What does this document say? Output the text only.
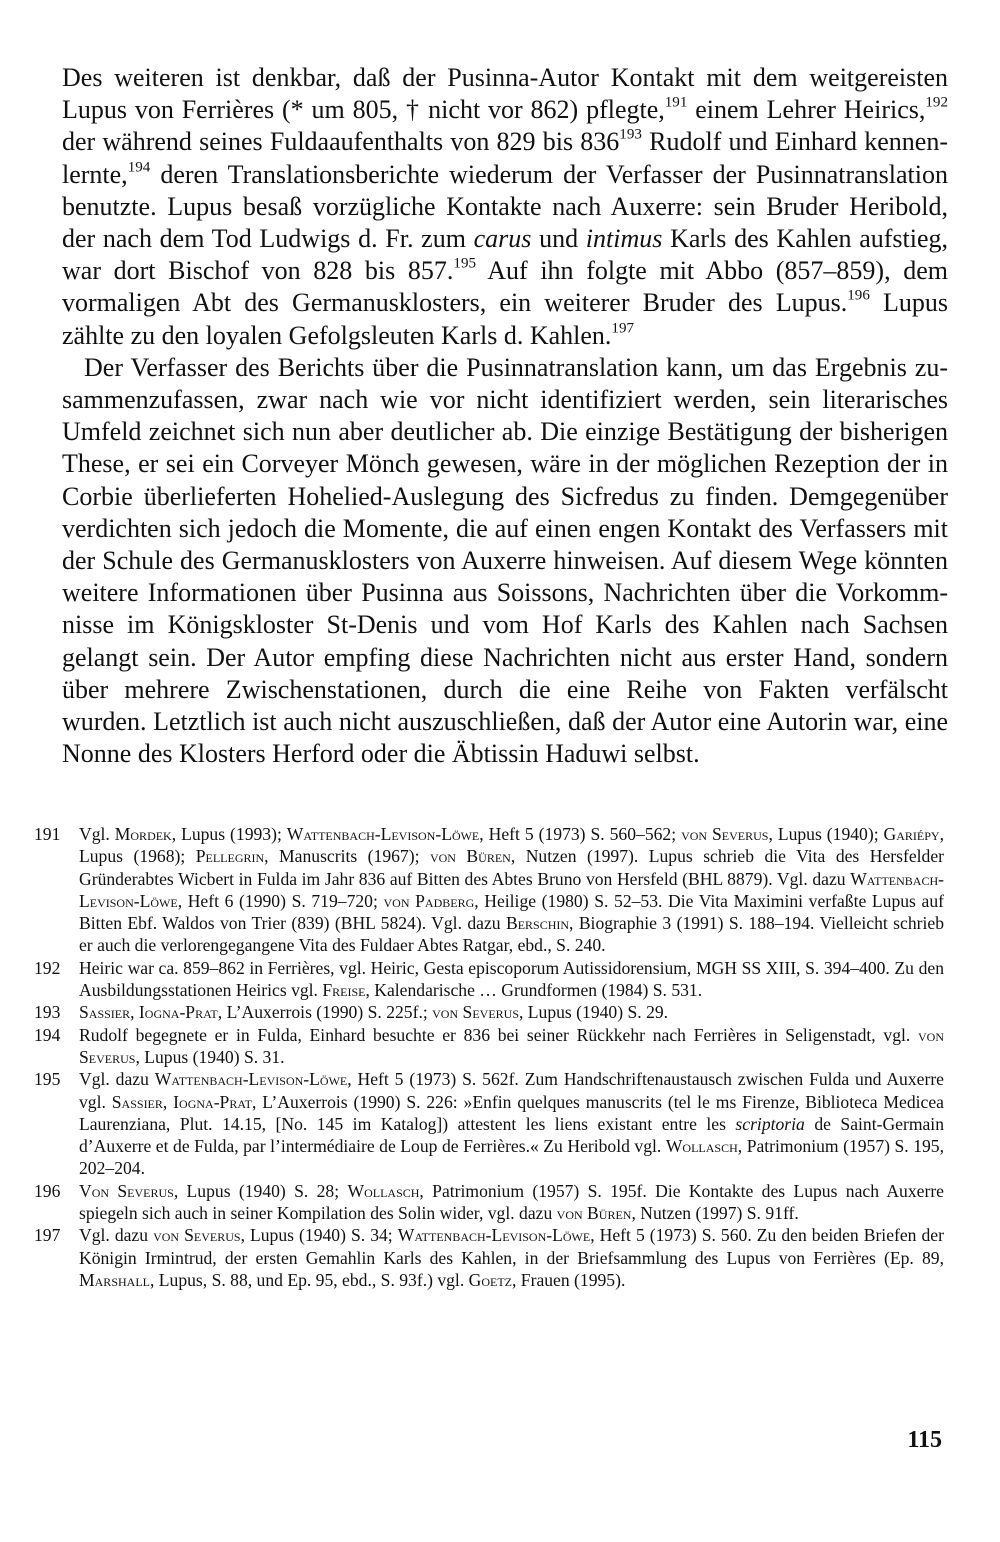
Des weiteren ist denkbar, daß der Pusinna-Autor Kontakt mit dem weitgereisten Lupus von Ferrières (* um 805, † nicht vor 862) pflegte,$^{191}$ einem Lehrer Heirics,$^{192}$ der während seines Fuldaaufenthalts von 829 bis $836^{193}$ Rudolf und Einhard kennenlernte,$^{194}$ deren Translationsberichte wiederum der Verfasser der Pusinnatranslation benutzte. Lupus besaß vorzügliche Kontakte nach Auxerre: sein Bruder Heribold, der nach dem Tod Ludwigs d. Fr. zum carus und intimus Karls des Kahlen aufstieg, war dort Bischof von 828 bis 857.$^{195}$ Auf ihn folgte mit Abbo (857–859), dem vormaligen Abt des Germanusklosters, ein weiterer Bruder des Lupus.$^{196}$ Lupus zählte zu den loyalen Gefolgsleuten Karls d. Kahlen.$^{197}$

Der Verfasser des Berichts über die Pusinnatranslation kann, um das Ergebnis zusammenzufassen, zwar nach wie vor nicht identifiziert werden, sein literarisches Umfeld zeichnet sich nun aber deutlicher ab. Die einzige Bestätigung der bisherigen These, er sei ein Corveyer Mönch gewesen, wäre in der möglichen Rezeption der in Corbie überlieferten Hohelied-Auslegung des Sicfredus zu finden. Demgegenüber verdichten sich jedoch die Momente, die auf einen engen Kontakt des Verfassers mit der Schule des Germanusklosters von Auxerre hinweisen. Auf diesem Wege könnten weitere Informationen über Pusinna aus Soissons, Nachrichten über die Vorkommnisse im Königskloster St-Denis und vom Hof Karls des Kahlen nach Sachsen gelangt sein. Der Autor empfing diese Nachrichten nicht aus erster Hand, sondern über mehrere Zwischenstationen, durch die eine Reihe von Fakten verfälscht wurden. Letztlich ist auch nicht auszuschließen, daß der Autor eine Autorin war, eine Nonne des Klosters Herford oder die Äbtissin Haduwi selbst.

191 Vgl. Mordek, Lupus (1993); Wattenbach-Levison-Löwe, Heft 5 (1973) S. 560–562; von Severus, Lupus (1940); Gariépy, Lupus (1968); Pellegrin, Manuscrits (1967); von Büren, Nutzen (1997). Lupus schrieb die Vita des Hersfelder Gründerabtes Wicbert in Fulda im Jahr 836 auf Bitten des Abtes Bruno von Hersfeld (BHL 8879). Vgl. dazu Wattenbach-Levison-Löwe, Heft 6 (1990) S. 719–720; von Padberg, Heilige (1980) S. 52–53. Die Vita Maximini verfaßte Lupus auf Bitten Ebf. Waldos von Trier (839) (BHL 5824). Vgl. dazu Berschin, Biographie 3 (1991) S. 188–194. Vielleicht schrieb er auch die verlorengegangene Vita des Fuldaer Abtes Ratgar, ebd., S. 240.

192 Heiric war ca. 859–862 in Ferrières, vgl. Heiric, Gesta episcoporum Autissidorensium, MGH SS XIII, S. 394–400. Zu den Ausbildungsstationen Heirics vgl. Freise, Kalendarische … Grundformen (1984) S. 531.

193 Sassier, Iogna-Prat, L’Auxerrois (1990) S. 225f.; von Severus, Lupus (1940) S. 29.

194 Rudolf begegnete er in Fulda, Einhard besuchte er 836 bei seiner Rückkehr nach Ferrières in Seligenstadt, vgl. von Severus, Lupus (1940) S. 31.

195 Vgl. dazu Wattenbach-Levison-Löwe, Heft 5 (1973) S. 562f. Zum Handschriftenaustausch zwischen Fulda und Auxerre vgl. Sassier, Iogna-Prat, L’Auxerrois (1990) S. 226: »Enfin quelques manuscrits (tel le ms Firenze, Biblioteca Medicea Laurenziana, Plut. 14.15, [No. 145 im Katalog]) attestent les liens existant entre les scriptoria de Saint-Germain d’Auxerre et de Fulda, par l’intermédiaire de Loup de Ferrières.« Zu Heribold vgl. Wollasch, Patrimonium (1957) S. 195, 202–204.

196 Von Severus, Lupus (1940) S. 28; Wollasch, Patrimonium (1957) S. 195f. Die Kontakte des Lupus nach Auxerre spiegeln sich auch in seiner Kompilation des Solin wider, vgl. dazu von Büren, Nutzen (1997) S. 91ff.

197 Vgl. dazu von Severus, Lupus (1940) S. 34; Wattenbach-Levison-Löwe, Heft 5 (1973) S. 560. Zu den beiden Briefen der Königin Irmintrud, der ersten Gemahlin Karls des Kahlen, in der Briefsammlung des Lupus von Ferrières (Ep. 89, Marshall, Lupus, S. 88, und Ep. 95, ebd., S. 93f.) vgl. Goetz, Frauen (1995).

115
